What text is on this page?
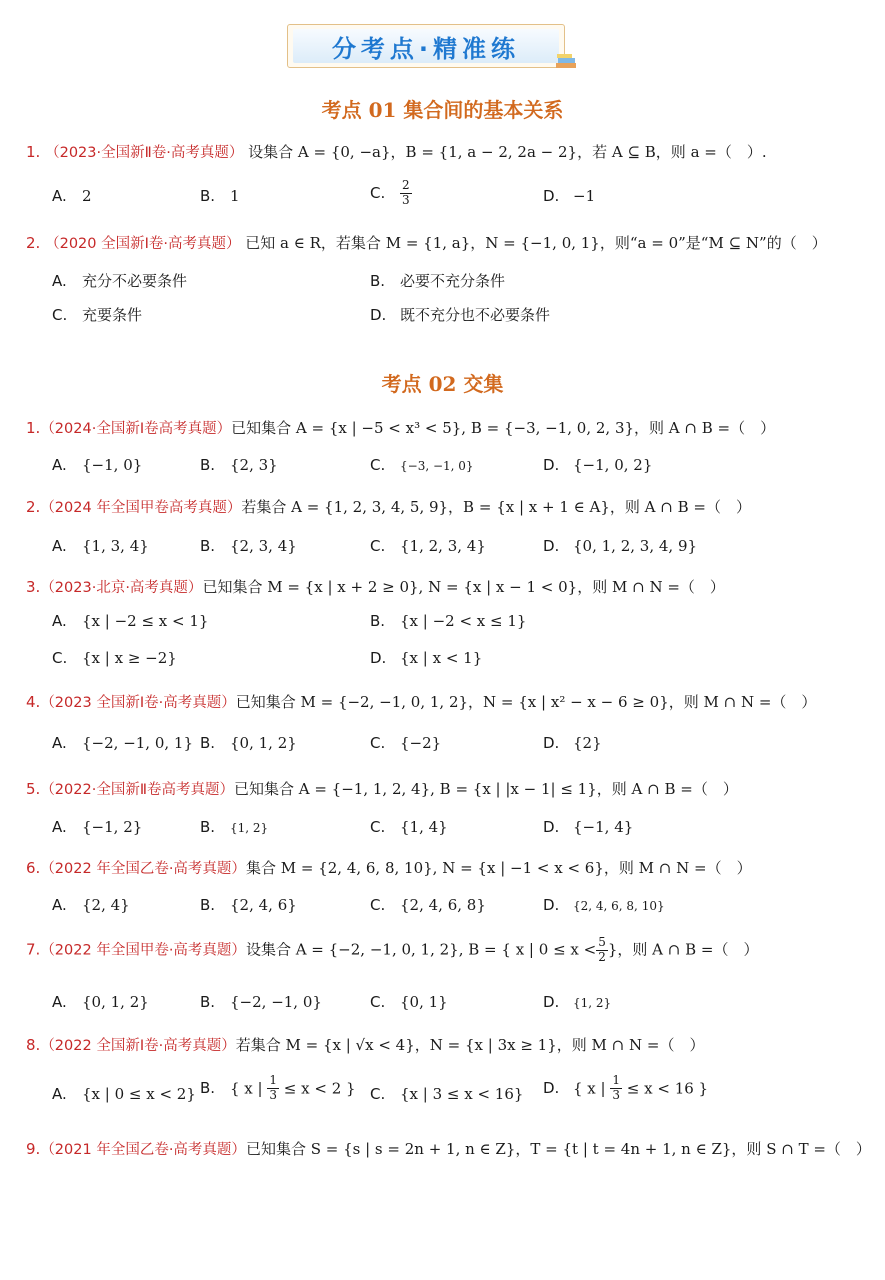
分考点·精准练
考点 01 集合间的基本关系
1. （2023·全国新Ⅱ卷·高考真题） 设集合 A = {0, −a}，B = {1, a − 2, 2a − 2}，若 A ⊆ B，则 a =（　）.
A. 2	B. 1	C. $\frac{2}{3}$	D. −1
2. （2020 全国新Ⅰ卷·高考真题） 已知 a ∈ R，若集合 M = {1, a}，N = {−1, 0, 1}，则“a = 0”是“M ⊆ N”的（　）
A. 充分不必要条件	B. 必要不充分条件
C. 充要条件	D. 既不充分也不必要条件
考点 02 交集
1.（2024·全国新Ⅰ卷高考真题）已知集合 A = {x | −5 < x³ < 5}, B = {−3, −1, 0, 2, 3}，则 A ∩ B =（　）
A. {−1, 0}	B. {2, 3}	C. {−3, −1, 0}	D. {−1, 0, 2}
2.（2024 年全国甲卷高考真题）若集合 A = {1, 2, 3, 4, 5, 9}，B = {x | x + 1 ∈ A}，则 A ∩ B =（　）
A. {1, 3, 4}	B. {2, 3, 4}	C. {1, 2, 3, 4}	D. {0, 1, 2, 3, 4, 9}
3.（2023·北京·高考真题）已知集合 M = {x | x + 2 ≥ 0}, N = {x | x − 1 < 0}，则 M ∩ N =（　）
A. {x | −2 ≤ x < 1}	B. {x | −2 < x ≤ 1}
C. {x | x ≥ −2}	D. {x | x < 1}
4.（2023 全国新Ⅰ卷·高考真题）已知集合 M = {−2, −1, 0, 1, 2}，N = {x | x² − x − 6 ≥ 0}，则 M ∩ N =（　）
A. {−2, −1, 0, 1} B. {0, 1, 2}	C. {−2}	D. {2}
5.（2022·全国新Ⅱ卷高考真题）已知集合 A = {−1, 1, 2, 4}, B = {x | |x − 1| ≤ 1}，则 A ∩ B =（　）
A. {−1, 2}	B. {1, 2}	C. {1, 4}	D. {−1, 4}
6.（2022 年全国乙卷·高考真题）集合 M = {2, 4, 6, 8, 10}, N = {x | −1 < x < 6}，则 M ∩ N =（　）
A. {2, 4}	B. {2, 4, 6}	C. {2, 4, 6, 8}	D. {2, 4, 6, 8, 10}
7.（2022 年全国甲卷·高考真题）设集合 A = {−2, −1, 0, 1, 2}, B = { x | $0 \le x < \frac{5}{2}$ }，则 A ∩ B =（　）
A. {0, 1, 2}	B. {−2, −1, 0}	C. {0, 1}	D. {1, 2}
8.（2022 全国新Ⅰ卷·高考真题）若集合 M = {x | √x < 4}，N = {x | 3x ≥ 1}，则 M ∩ N =（　）
A. {x | 0 ≤ x < 2} B. { x | $\frac{1}{3} \le x < 2$ } C. {x | 3 ≤ x < 16} D. { x | $\frac{1}{3} \le x < 16$ }
9.（2021 年全国乙卷·高考真题）已知集合 S = {s | s = 2n + 1, n ∈ Z}，T = {t | t = 4n + 1, n ∈ Z}，则 S ∩ T =（　）
